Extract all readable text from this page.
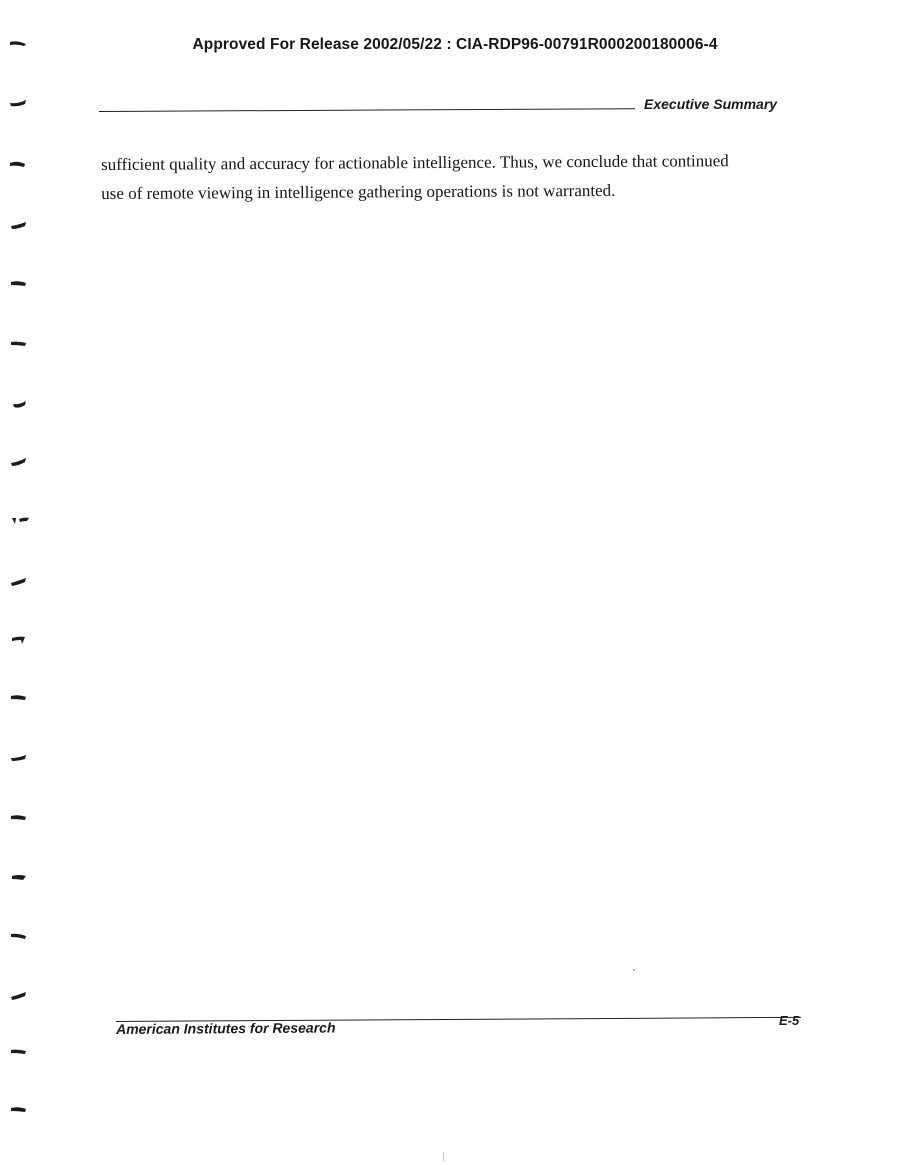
Approved For Release 2002/05/22 : CIA-RDP96-00791R000200180006-4
Executive Summary
sufficient quality and accuracy for actionable intelligence. Thus, we conclude that continued
use of remote viewing in intelligence gathering operations is not warranted.
American Institutes for Research	E-5
